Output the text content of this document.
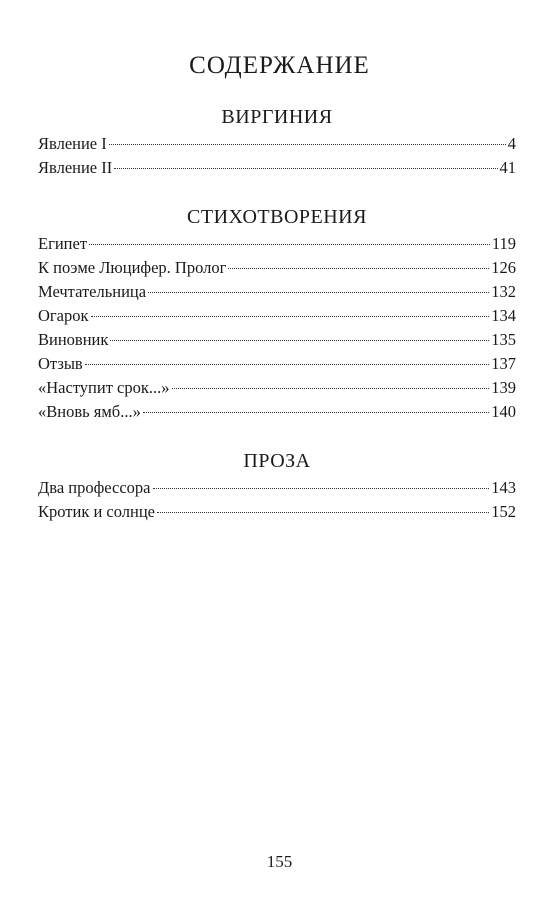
СОДЕРЖАНИЕ
ВИРГИНИЯ
Явление I	4
Явление II	41
СТИХОТВОРЕНИЯ
Египет	119
К поэме Люцифер. Пролог	126
Мечтательница	132
Огарок	134
Виновник	135
Отзыв	137
«Наступит срок...»	139
«Вновь ямб...»	140
ПРОЗА
Два профессора	143
Кротик и солнце	152
155
